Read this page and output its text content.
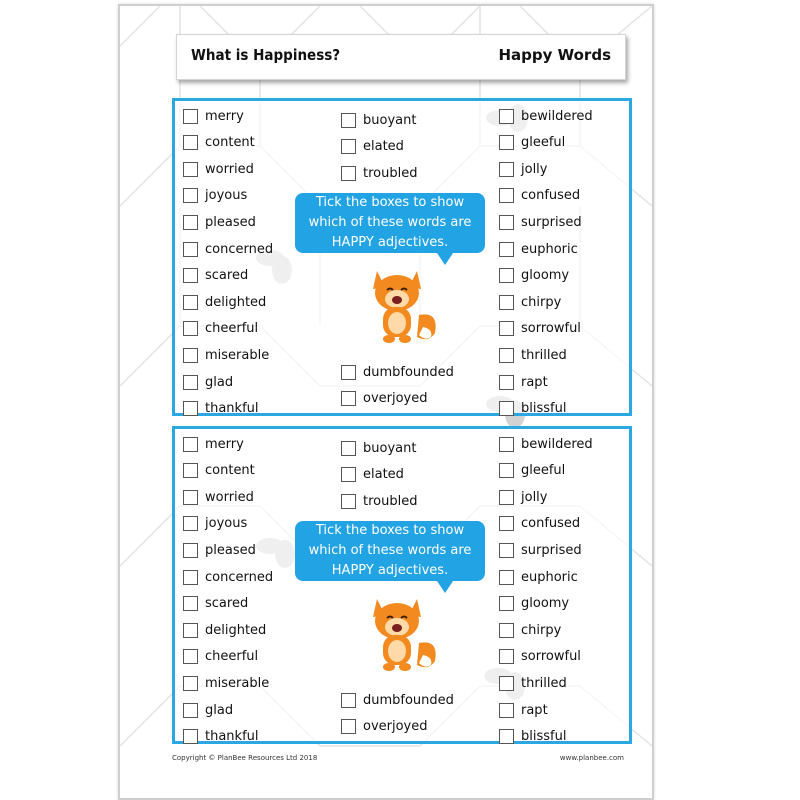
What is Happiness?	Happy Words
merry
content
worried
joyous
pleased
concerned
scared
delighted
cheerful
miserable
glad
thankful
bewildered
gleeful
jolly
confused
surprised
euphoric
gloomy
chirpy
sorrowful
thrilled
rapt
blissful
buoyant
elated
troubled
dumbfounded
overjoyed
Tick the boxes to show
which of these words are
HAPPY adjectives.
merry
content
worried
joyous
pleased
concerned
scared
delighted
cheerful
miserable
glad
thankful
bewildered
gleeful
jolly
confused
surprised
euphoric
gloomy
chirpy
sorrowful
thrilled
rapt
blissful
buoyant
elated
troubled
dumbfounded
overjoyed
Tick the boxes to show
which of these words are
HAPPY adjectives.
Copyright © PlanBee Resources Ltd 2018	www.planbee.com
